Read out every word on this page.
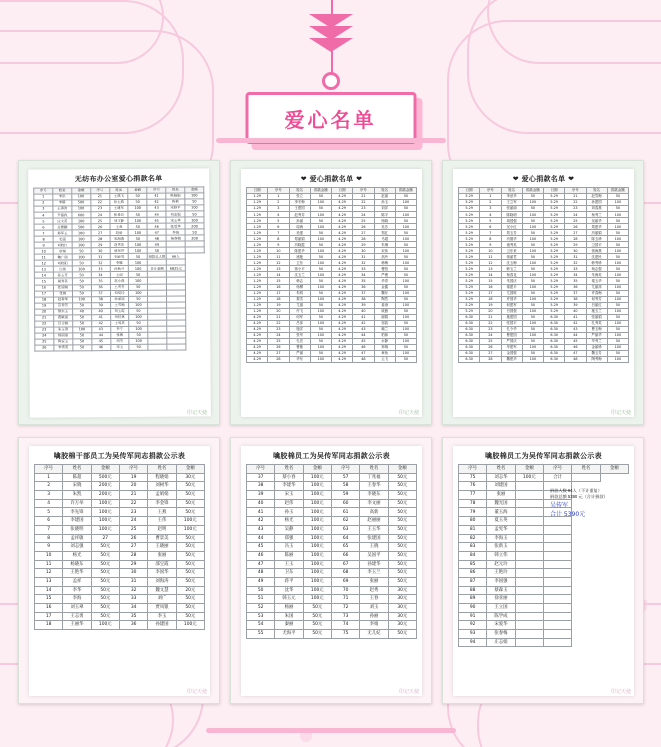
爱心名单
无纺布办公室爱心捐款名单
序号	姓名	金额	序号	姓名	金额	序号	姓名	金额
1	李洪	100	21	王燕飞	50	41	陈娟娟	100
2	李静	500	22	孙玉燕	50	42	陈艳	50
3	王清涛	100	23	王建军	100	43	宋修平	100
4	尹德政	600	24	张希玲	50	44	刘志强	50
5	庄文英	100	25	刘文静	100	45	宋玉华	100
6	孟繁鹏	500	26	王春	50	46	张爱华	200
7	郑军玉	100	27	赵丽	100	47	李瑞	50
8	毛强	100	28	宋海燕	50	48	杨春梅	200
9	刘晓红	100	29	赵秀英	100	49		
10	唐娟	50	30	郭翠萍	100	50		
11	魏广瑞	100	31	刘亚男	50	捐款总人数	66人	
12	刘晓阳	50	32	李娜	100			
13	白伟	100	33	孙秋兰	100	合计金额	6825元	
14	孙玉芳	50	34	王丽	50			
15	胡秀英	50	35	赵小燕	100			
16	张丽娟	50	36	王秀芳	50			
17	张娟	50	37	刘爱玲	100			
18	赵春华	100	38	孙丽丽	50			
19	范秀芳	50	39	王雪梅	100			
20	徐东玉	40	40	刘玉霞	50			
21	葛敏丽	50	41	刘桂林	100			
22	吕吉娟	50	42	王爱英	50			
23	朱玉香	100	43	李宁	100			
24	杨丽丽	50	44	张敏	50			
25	陈家玉	50	45	周芳	100			
26	李秀英	50	46	宋玉	50			
印记天使
❤ 爱心捐款名单 ❤
日期	序号	姓名	捐款金额	日期	序号	姓名	捐款金额
1.29	1	张立	50	4.29	21	赵丽	50
1.29	2	李冬梅	100	4.29	22	孙玉	100
1.29	3	王建国	50	4.29	23	刘洋	50
1.29	4	赵秀芬	100	4.29	24	陈平	100
1.29	5	孙丽	50	4.29	25	杨晓	50
1.29	6	周海	100	4.29	26	吴芳	100
1.29	7	吴强	50	4.29	27	郑红	50
1.29	8	郑丽娟	100	4.29	28	马超	100
1.29	9	冯晓霞	50	4.29	29	朱琳	50
1.29	10	陈建华	100	4.29	30	宋伟	100
1.29	11	褚艳	50	4.29	31	高玲	50
1.29	12	卫东	100	4.29	32	韩梅	100
1.29	13	蒋小平	50	4.29	33	曹阳	50
1.29	14	沈玉兰	100	4.29	34	严俊	50
1.29	15	韩志	50	4.29	35	华青	100
1.29	16	杨柳	100	4.29	36	金鑫	50
1.29	17	朱明	50	4.29	37	魏东	100
1.29	18	秦雪	100	4.29	38	陶然	50
1.29	19	尤丽	50	4.29	39	姜涛	100
1.29	20	许飞	100	4.29	40	戚薇	50
4.29	21	何军	50	4.29	41	谢娟	100
4.29	22	吕萍	100	4.29	42	邹凯	50
4.29	23	施洋	50	4.29	43	喻兰	100
4.29	24	张华	100	4.29	44	柏林	50
4.29	25	孔亮	50	4.29	45	水静	100
4.29	26	曹敏	100	4.29	46	窦娥	50
4.29	27	严丽	50	4.29	47	章鱼	100
4.29	28	华东	100	4.29	48	云飞	50
印记天使
❤ 爱心捐款名单 ❤
日期	序号	姓名	捐款金额	日期	序号	姓名	捐款金额
5.29	1	李爱华	50	5.29	21	赵雪梅	50
5.29	2	王立军	100	5.29	22	孙建国	100
5.29	3	张丽丽	50	5.29	23	刘春燕	50
5.29	4	陈晓明	100	5.29	24	杨秀兰	100
5.29	5	周国强	50	5.29	25	吴丽华	50
5.29	6	吴小红	100	5.29	26	郑建华	100
5.29	7	郑玉芳	50	5.29	27	冯丽娟	50
5.29	8	冯德华	100	5.29	28	陈玉珍	100
5.29	9	褚秀英	50	5.29	29	卫国平	50
5.29	10	卫东来	100	5.29	30	蒋海燕	100
5.29	11	蒋丽君	50	5.29	31	沈建民	50
5.29	12	沈玉梅	100	5.29	32	韩秀珍	100
5.29	13	韩玉兰	50	5.29	33	杨志强	50
5.29	14	杨春花	100	5.29	34	朱海英	100
5.29	15	朱国庆	50	5.29	35	秦玉华	50
5.29	16	秦建平	100	5.29	36	尤丽萍	100
5.29	17	尤国栋	50	5.29	37	许春梅	50
5.29	18	许国华	100	5.29	38	何秀芳	100
5.29	19	何建军	50	5.29	39	吕丽红	50
5.29	20	吕国强	100	5.29	40	施玉兰	100
6.30	21	施建国	50	6.30	41	张丽娟	50
6.30	22	张国平	100	6.30	42	孔秀英	100
6.30	23	孔令华	50	6.30	43	曹玉梅	50
6.30	24	曹建国	100	6.30	44	严丽华	100
6.30	25	严国庆	50	6.30	45	华秀兰	50
6.30	26	华建军	100	6.30	46	金丽珍	100
6.30	27	金国强	50	6.30	47	魏玉芳	50
6.30	28	魏建华	100	6.30	48	陶秀梅	100
印记天使
噙胶棉干部员工为吴传军同志捐款公示表
序号	姓名	金额	序号	姓名	金额
1	陈超	500元	19	程晓娟	30元
2	宋晓	200元	20	刘树华	50元
3	朱凯	200元	21	孟娟娟	50元
4	许万举	100元	22	李金锋	50元
5	李先锋	100元	23	王燕	50元
6	李建国	100元	24	王伟	100元
7	张晓明	100元	25	赵明	100元
8	孟祥敏	27	26	曹景美	50元
9	刘志强	50元	27	王晓丽	50元
10	杨光	50元	28	张丽	50元
11	杨晓东	50元	29	邵宝霞	50元
12	王艳华	50元	30	李国华	50元
13	孟祥	50元	31	刘海涛	50元
14	李华	50元	32	魏文慧	20元
15	李海	50元	33	刘广	50元
16	刘玉翠	50元	34	贾凤银	50元
17	王志勇	50元	35	李玉	50元
18	王丽华	100元	36	孙建国	100元
印记天使
噙胶棉员工为吴传军同志捐款公示表
序号	姓名	金额	序号	姓名	金额
37	蔡小春	100元	57	丁兆福	50元
38	李建华	100元	58	王春华	50元
39	宋玉	100元	59	李晓东	50元
40	赵伟	100元	60	李文丽	50元
41	孙玉	100元	61	高新	50元
42	杨光	100元	62	赵丽丽	50元
43	吴静	100元	63	王玉华	50元
44	郑强	100元	64	张建国	50元
45	冯玉	100元	65	王晓	50元
46	陈丽	100元	66	吴国平	50元
47	王玉	100元	67	孙建华	50元
48	卫东	100元	68	李玉兰	50元
49	蒋平	100元	69	张丽	50元
50	沈华	100元	70	赵秀	30元
51	韩玉元	100元	71	王春	30元
52	杨丽	50元	72	刘玉	30元
53	朱国	50元	73	孙丽	30元
54	秦丽	50元	74	李娟	30元
55	尤海平	50元	75	无儿妃	50元
印记天使
噙胶棉员工为吴传军同志捐款公示表
序号	姓名	金额	序号	姓名	金额
75	刘志华	100元	合计		
76	刘建国				
77	张丽				
78	魏光国				
79	董玉海				
80	夏玉英				
81	孟宪华				
82	李海玉				
83	张新玉				
84	韩立伟				
85	赵元玲				
86	王艳玲				
87	李国强				
88	蔡森玉				
89	徐亚丽				
90	王立国				
91	陈学成				
92	宋爱华				
93	张春梅				
94	庄志娟				
捐款人数 94人（不计重复）
捐款总额 5390 元（合计捐款）
吴传军
合计 5390元
印记天使
